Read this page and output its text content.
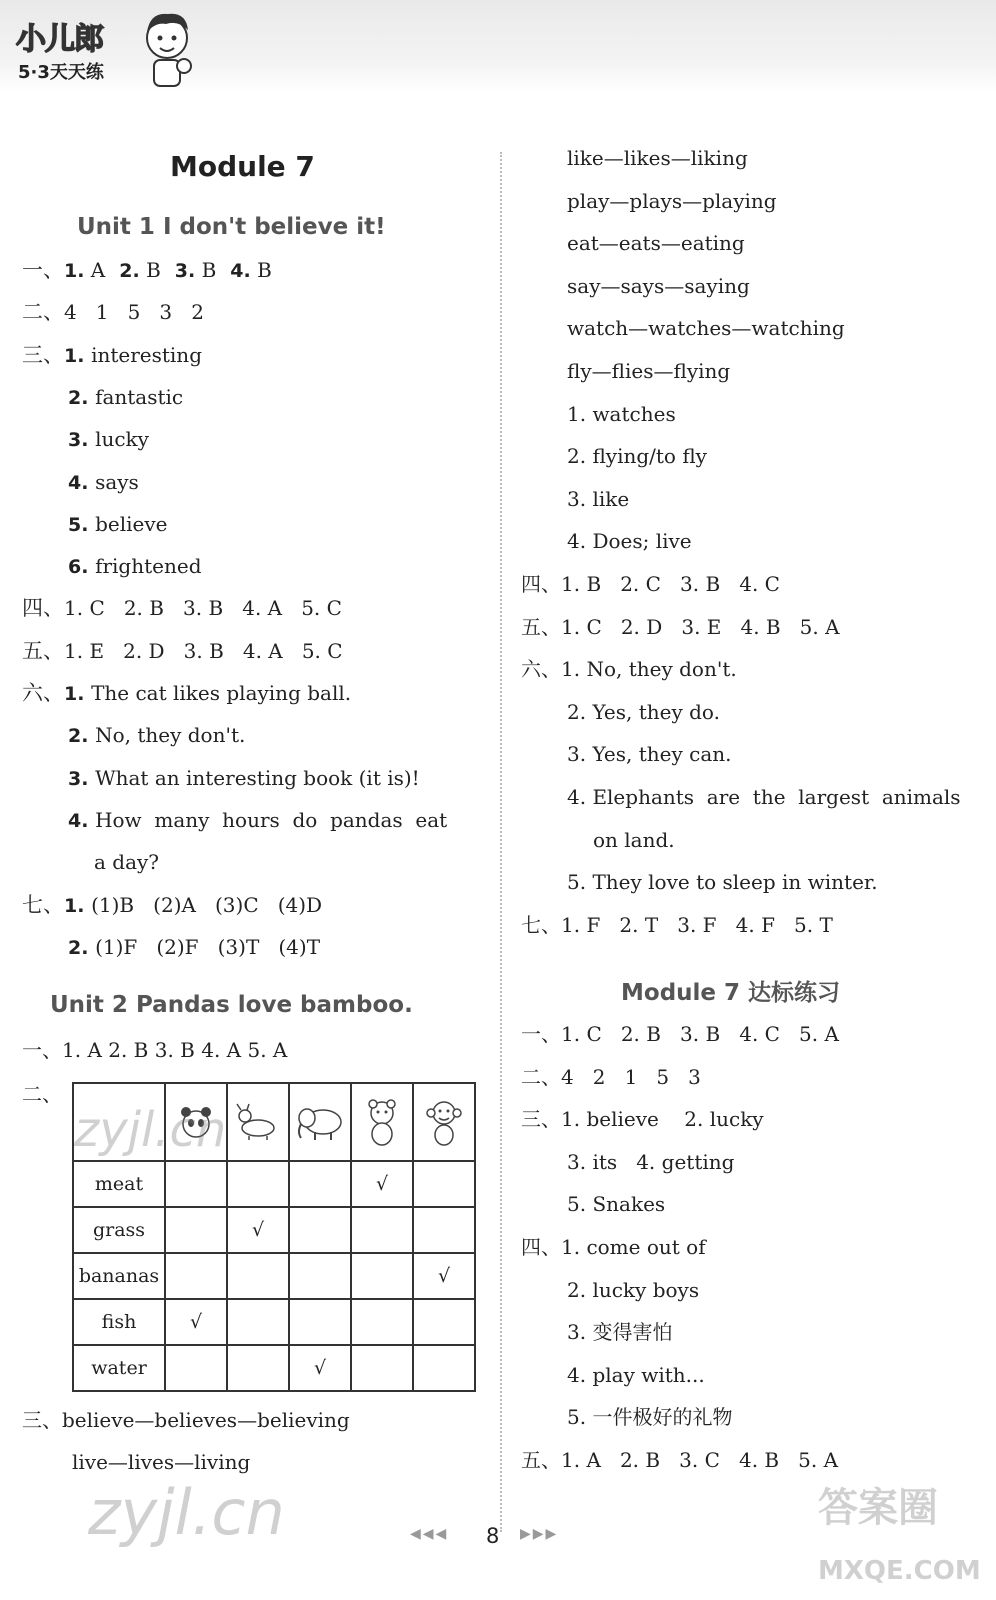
小儿郎
5·3天天练
Module 7
Unit 1 I don't believe it!
一、1. A 2. B 3. B 4. B
二、4   1   5   3   2
三、1. interesting
2. fantastic
3. lucky
4. says
5. believe
6. frightened
四、1. C   2. B   3. B   4. A   5. C
五、1. E   2. D   3. B   4. A   5. C
六、1. The cat likes playing ball.
2. No, they don't.
3. What an interesting book (it is)!
4. How  many  hours  do  pandas  eat
a day?
七、1. (1)B   (2)A   (3)C   (4)D
2. (1)F   (2)F   (3)T   (4)T
Unit 2 Pandas love bamboo.
一、1. A 2. B 3. B 4. A 5. A
二、

meat				√	
grass		√			
bananas					√
fish	√				
water			√		
三、believe—believes—believing
live—lives—living
like—likes—liking
play—plays—playing
eat—eats—eating
say—says—saying
watch—watches—watching
fly—flies—flying
1. watches
2. flying/to fly
3. like
4. Does; live
四、1. B   2. C   3. B   4. C
五、1. C   2. D   3. E   4. B   5. A
六、1. No, they don't.
2. Yes, they do.
3. Yes, they can.
4. Elephants  are  the  largest  animals
on land.
5. They love to sleep in winter.
七、1. F   2. T   3. F   4. F   5. T
Module 7 达标练习
一、1. C   2. B   3. B   4. C   5. A
二、4   2   1   5   3
三、1. believe    2. lucky
3. its   4. getting
5. Snakes
四、1. come out of
2. lucky boys
3. 变得害怕
4. play with...
5. 一件极好的礼物
五、1. A   2. B   3. C   4. B   5. A
◀◀◀ 8 ▶▶▶
zyjl.cn
zyjl.cn	答案圈
MXQE.COM
